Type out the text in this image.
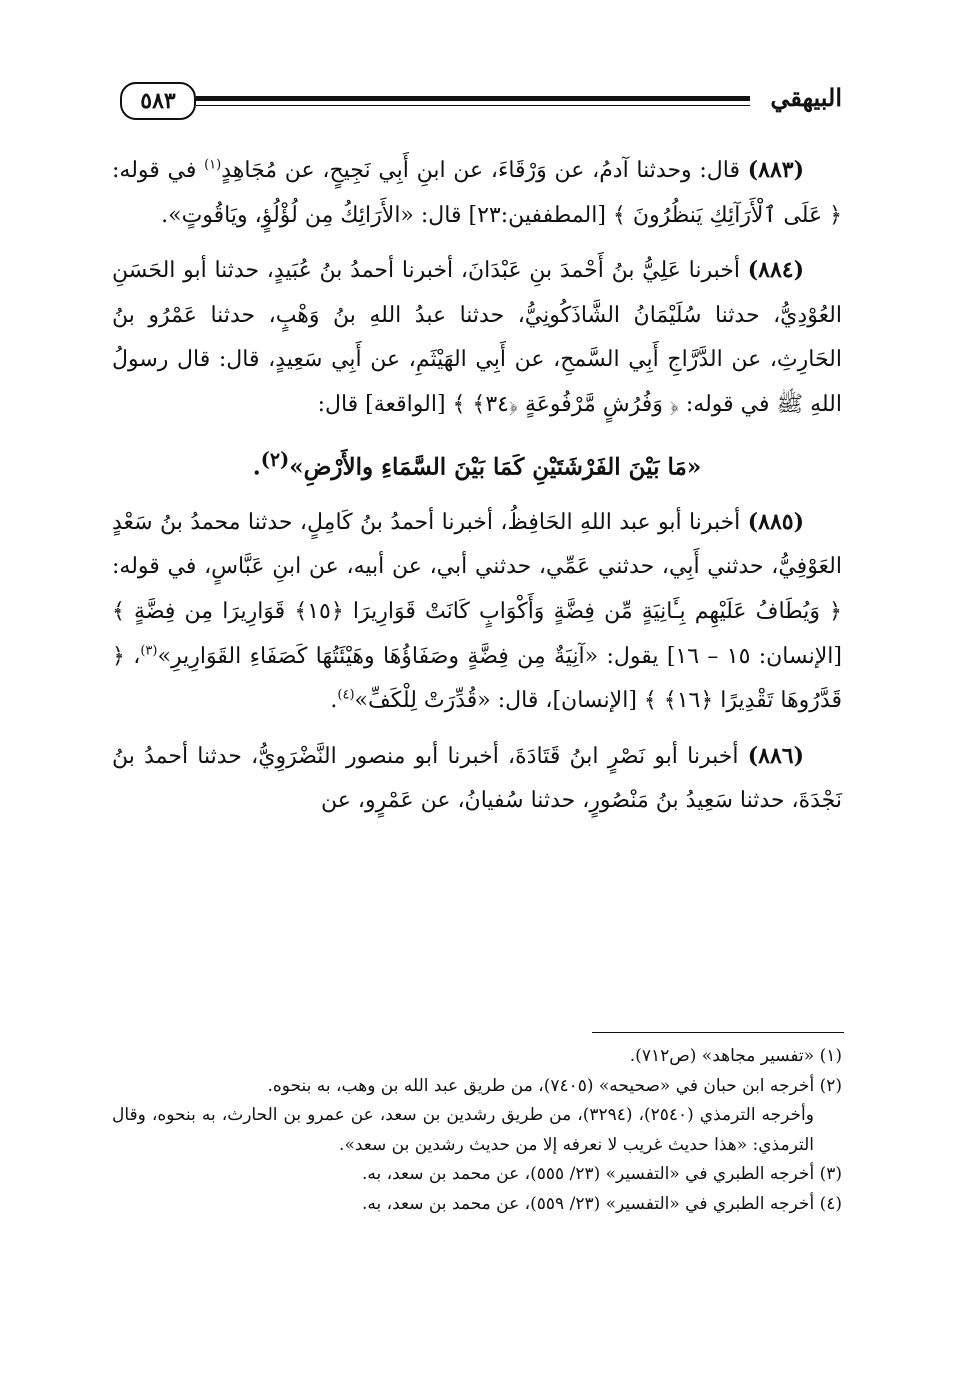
٥٨٣	البيهقي

(٨٨٣) قال: وحدثنا آدمُ، عن وَرْقَاءَ، عن ابنِ أَبِي نَجِيحٍ، عن مُجَاهِدٍ$^{(١)}$ في قوله: ﴿ عَلَى ٱلْأَرَآئِكِ يَنظُرُونَ ﴾ [المطففين:٢٣] قال: «الأَرَائِكُ مِن لُؤْلُؤٍ، ويَاقُوتٍ».

(٨٨٤) أخبرنا عَلِيُّ بنُ أَحْمدَ بنِ عَبْدَانَ، أخبرنا أحمدُ بنُ عُبَيدٍ، حدثنا أبو الحَسَنِ العُوْدِيُّ، حدثنا سُلَيْمَانُ الشَّاذَكُونِيُّ، حدثنا عبدُ اللهِ بنُ وَهْبٍ، حدثنا عَمْرُو بنُ الحَارِثِ، عن الدَّرَّاجِ أَبِي السَّمحِ، عن أَبِي الهَيْثَمِ، عن أَبِي سَعِيدٍ، قال: قال رسولُ اللهِ ﷺ في قوله: ﴿ وَفُرُشٍ مَّرْفُوعَةٍ ﴿٣٤﴾ ﴾ [الواقعة] قال:

«مَا بَيْنَ الفَرْشَتَيْنِ كَمَا بَيْنَ السَّمَاءِ والأَرْضِ»$^{(٢)}$.

(٨٨٥) أخبرنا أبو عبد اللهِ الحَافِظُ، أخبرنا أحمدُ بنُ كَامِلٍ، حدثنا محمدُ بنُ سَعْدٍ العَوْفِيُّ، حدثني أَبِي، حدثني عَمِّي، حدثني أبي، عن أبيه، عن ابنِ عَبَّاسٍ، في قوله: ﴿ وَيُطَافُ عَلَيْهِم بِـَٔانِيَةٍ مِّن فِضَّةٍ وَأَكْوَابٍ كَانَتْ قَوَارِيرَا ﴿١٥﴾ قَوَارِيرَا مِن فِضَّةٍ ﴾ [الإنسان: ١٥ – ١٦] يقول: «آنِيَةٌ مِن فِضَّةٍ وصَفَاؤُهَا وهَيْئَتُهَا كَصَفَاءِ القَوَارِيرِ»$^{(٣)}$، ﴿ قَدَّرُوهَا تَقْدِيرًا ﴿١٦﴾ ﴾ [الإنسان]، قال: «قُدِّرَتْ لِلْكَفِّ»$^{(٤)}$.

(٨٨٦) أخبرنا أبو نَصْرٍ ابنُ قَتَادَةَ، أخبرنا أبو منصور النَّضْرَوِيُّ، حدثنا أحمدُ بنُ نَجْدَةَ، حدثنا سَعِيدُ بنُ مَنْصُورٍ، حدثنا سُفيانُ، عن عَمْرٍو، عن

(١) «تفسير مجاهد» (ص٧١٢).

(٢) أخرجه ابن حبان في «صحيحه» (٧٤٠٥)، من طريق عبد الله بن وهب، به بنحوه.

وأخرجه الترمذي (٢٥٤٠)، (٣٢٩٤)، من طريق رشدين بن سعد، عن عمرو بن الحارث، به بنحوه، وقال الترمذي: «هذا حديث غريب لا نعرفه إلا من حديث رشدين بن سعد».

(٣) أخرجه الطبري في «التفسير» (٢٣/ ٥٥٥)، عن محمد بن سعد، به.

(٤) أخرجه الطبري في «التفسير» (٢٣/ ٥٥٩)، عن محمد بن سعد، به.
